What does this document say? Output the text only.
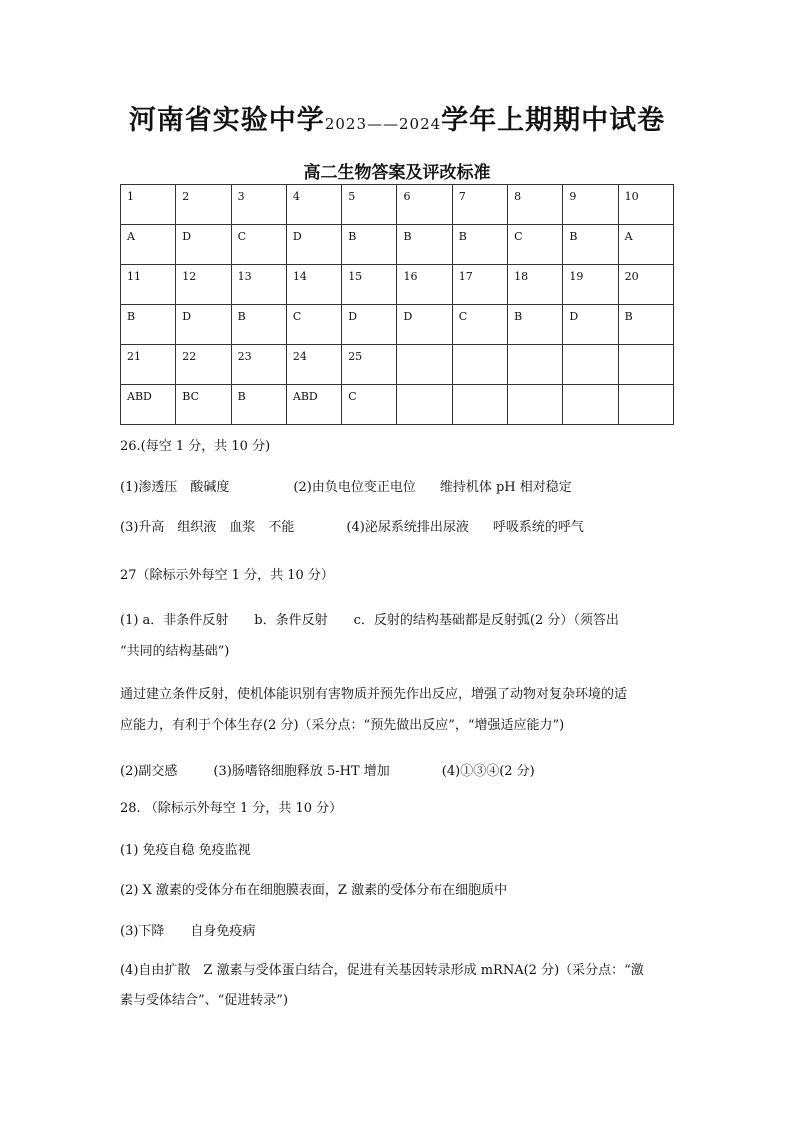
河南省实验中学2023——2024学年上期期中试卷
高二生物答案及评改标准
1	2	3	4	5	6	7	8	9	10
A	D	C	D	B	B	B	C	B	A
11	12	13	14	15	16	17	18	19	20
B	D	B	C	D	D	C	B	D	B
21	22	23	24	25					
ABD	BC	B	ABD	C					
26.(每空 1 分，共 10 分)
(1)渗透压　酸碱度	(2)由负电位变正电位 维持机体 pH 相对稳定
(3)升高　组织液　血浆　不能	(4)泌尿系统排出尿液 呼吸系统的呼气
27（除标示外每空 1 分，共 10 分）
(1) a．非条件反射　　b．条件反射　　c．反射的结构基础都是反射弧(2 分）（须答出
“共同的结构基础”)
通过建立条件反射，使机体能识别有害物质并预先作出反应，增强了动物对复杂环境的适
应能力，有利于个体生存(2 分)（采分点：“预先做出反应”，“增强适应能力”)
(2)副交感	(3)肠嗜铬细胞释放 5-HT 增加	(4)①③④(2 分)
28. （除标示外每空 1 分，共 10 分）
(1) 免疫自稳 免疫监视
(2) X 激素的受体分布在细胞膜表面，Z 激素的受体分布在细胞质中
(3)下降　　自身免疫病
(4)自由扩散　Z 激素与受体蛋白结合，促进有关基因转录形成 mRNA(2 分)（采分点：“激
素与受体结合”、“促进转录”)
